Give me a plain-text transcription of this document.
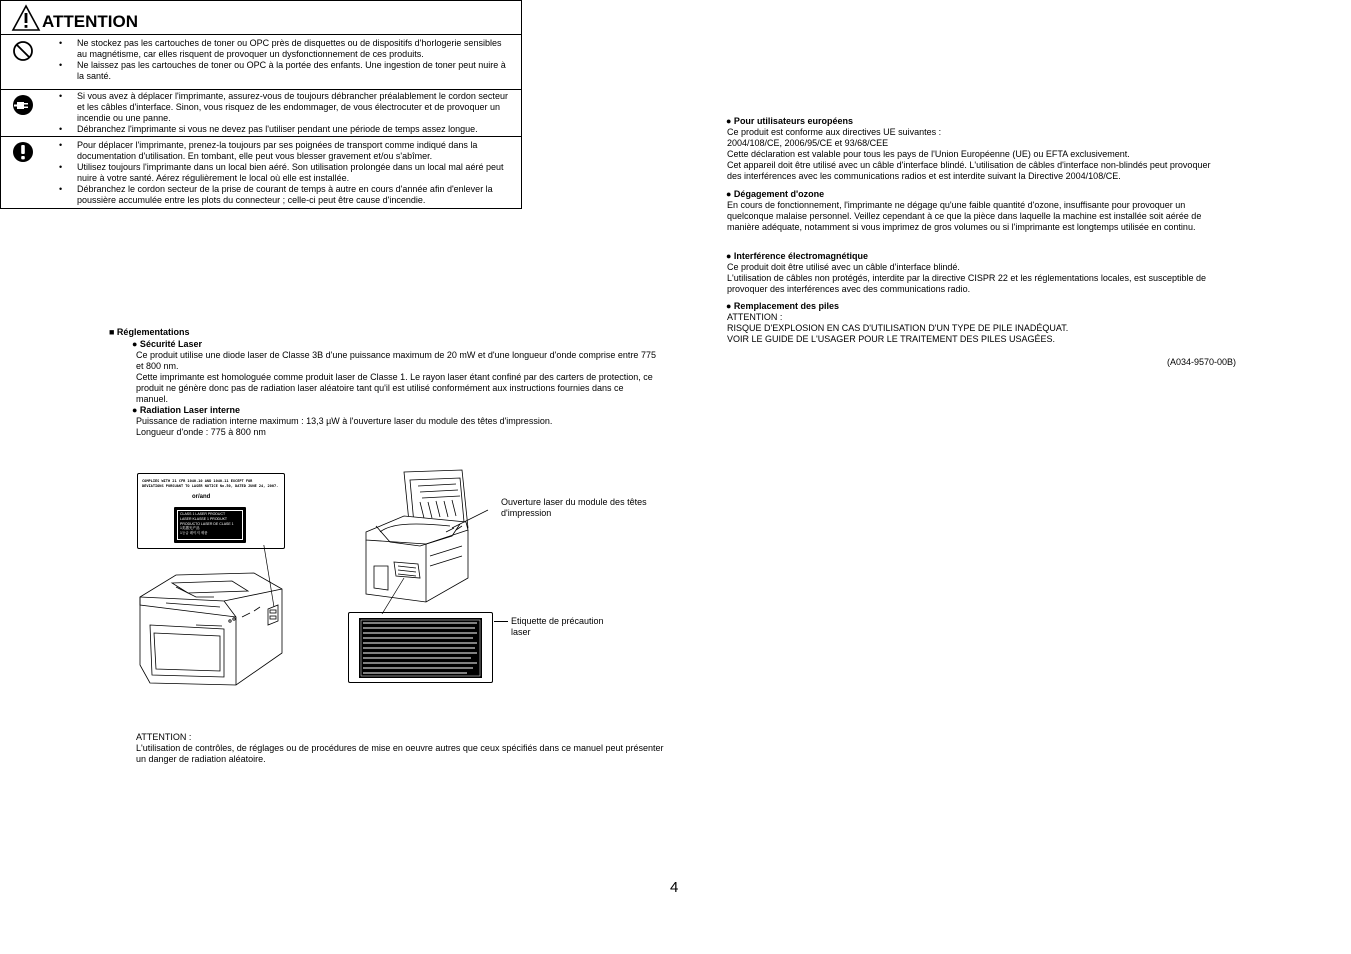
ATTENTION
• Ne stockez pas les cartouches de toner ou OPC près de disquettes ou de dispositifs d'horlogerie sensibles au magnétisme, car elles risquent de provoquer un dysfonctionnement de ces produits.
• Ne laissez pas les cartouches de toner ou OPC à la portée des enfants. Une ingestion de toner peut nuire à la santé.
• Si vous avez à déplacer l'imprimante, assurez-vous de toujours débrancher préalablement le cordon secteur et les câbles d'interface. Sinon, vous risquez de les endommager, de vous électrocuter et de provoquer un incendie ou une panne.
• Débranchez l'imprimante si vous ne devez pas l'utiliser pendant une période de temps assez longue.
• Pour déplacer l'imprimante, prenez-la toujours par ses poignées de transport comme indiqué dans la documentation d'utilisation. En tombant, elle peut vous blesser gravement et/ou s'abîmer.
• Utilisez toujours l'imprimante dans un local bien aéré. Son utilisation prolongée dans un local mal aéré peut nuire à votre santé. Aérez régulièrement le local où elle est installée.
• Débranchez le cordon secteur de la prise de courant de temps à autre en cours d'année afin d'enlever la poussière accumulée entre les plots du connecteur ; celle-ci peut être cause d'incendie.
■ Réglementations
● Sécurité Laser
Ce produit utilise une diode laser de Classe 3B d'une puissance maximum de 20 mW et d'une longueur d'onde comprise entre 775 et 800 nm.
Cette imprimante est homologuée comme produit laser de Classe 1. Le rayon laser étant confiné par des carters de protection, ce produit ne génère donc pas de radiation laser aléatoire tant qu'il est utilisé conformément aux instructions fournies dans ce manuel.
● Radiation Laser interne
Puissance de radiation interne maximum : 13,3 µW à l'ouverture laser du module des têtes d'impression.
Longueur d'onde : 775 à 800 nm
COMPLIES WITH 21 CFR 1040.10 AND 1040.11 EXCEPT FOR
DEVIATIONS PURSUANT TO LASER NOTICE No.50, DATED JUNE 24, 2007.
or/and
CLASS 1 LASER PRODUCT
LASER KLASSE 1 PRODUKT
PRODUCTO LASER DE CLASE 1
1类激光产品
1등급 레이저 제품
Ouverture laser du module des têtes d'impression
Etiquette de précaution laser
ATTENTION :
L'utilisation de contrôles, de réglages ou de procédures de mise en oeuvre autres que ceux spécifiés dans ce manuel peut présenter un danger de radiation aléatoire.
● Pour utilisateurs européens
Ce produit est conforme aux directives UE suivantes :
2004/108/CE, 2006/95/CE et 93/68/CEE
Cette déclaration est valable pour tous les pays de l'Union Européenne (UE) ou EFTA exclusivement.
Cet appareil doit être utilisé avec un câble d'interface blindé. L'utilisation de câbles d'interface non-blindés peut provoquer des interférences avec les communications radios et est interdite suivant la Directive 2004/108/CE.
● Dégagement d'ozone
En cours de fonctionnement, l'imprimante ne dégage qu'une faible quantité d'ozone, insuffisante pour provoquer un quelconque malaise personnel. Veillez cependant à ce que la pièce dans laquelle la machine est installée soit aérée de manière adéquate, notamment si vous imprimez de gros volumes ou si l'imprimante est longtemps utilisée en continu.
● Interférence électromagnétique
Ce produit doit être utilisé avec un câble d'interface blindé.
L'utilisation de câbles non protégés, interdite par la directive CISPR 22 et les réglementations locales, est susceptible de provoquer des interférences avec des communications radio.
● Remplacement des piles
ATTENTION :
RISQUE D'EXPLOSION EN CAS D'UTILISATION D'UN TYPE DE PILE INADÉQUAT.
VOIR LE GUIDE DE L'USAGER POUR LE TRAITEMENT DES PILES USAGÉES.
(A034-9570-00B)
4
